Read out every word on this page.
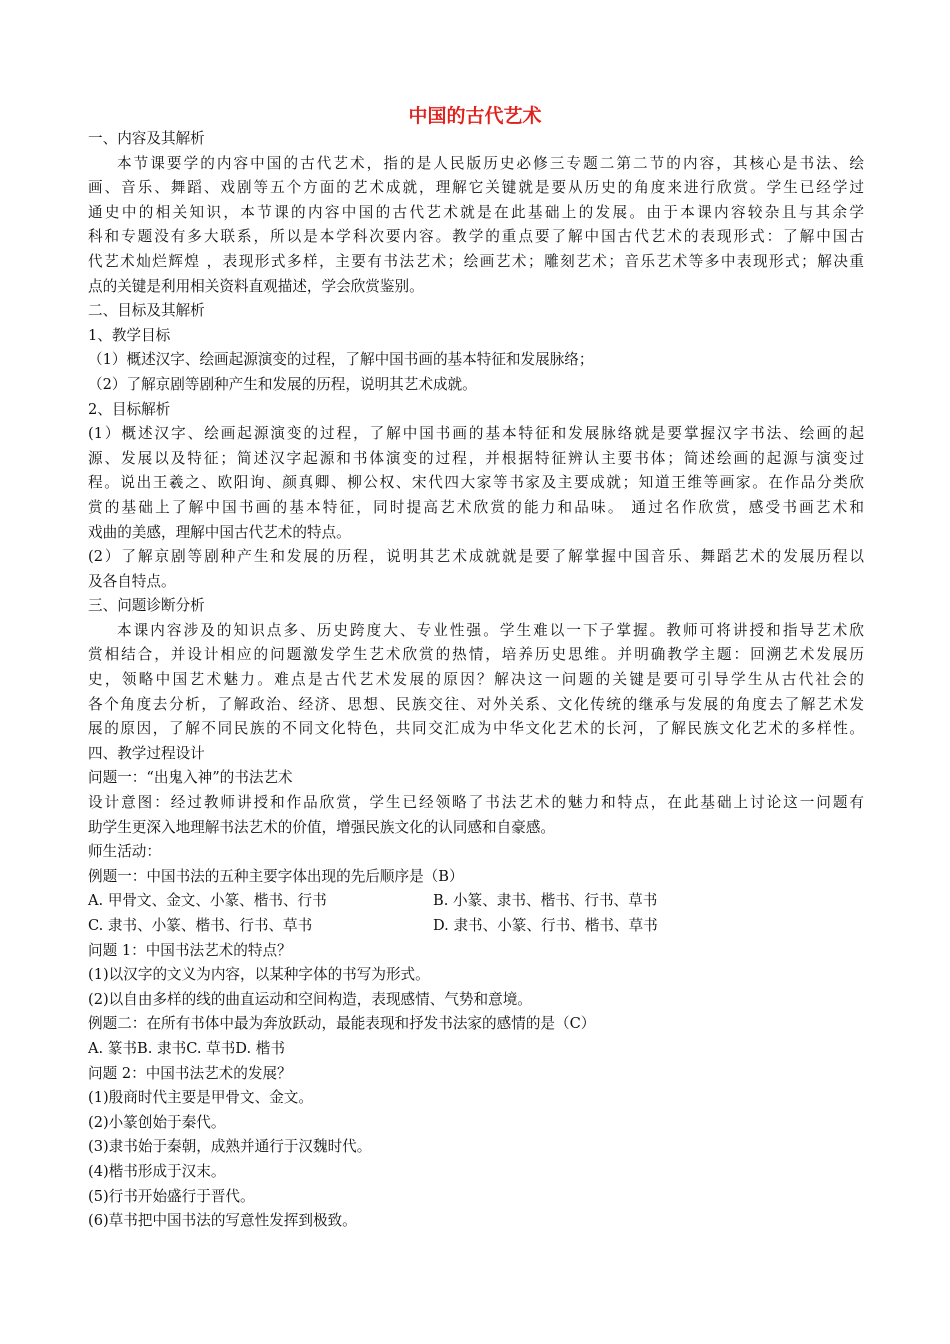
中国的古代艺术
一、内容及其解析
本节课要学的内容中国的古代艺术，指的是人民版历史必修三专题二第二节的内容，其核心是书法、绘
画、音乐、舞蹈、戏剧等五个方面的艺术成就，理解它关键就是要从历史的角度来进行欣赏。学生已经学过
通史中的相关知识，本节课的内容中国的古代艺术就是在此基础上的发展。由于本课内容较杂且与其余学
科和专题没有多大联系，所以是本学科次要内容。教学的重点要了解中国古代艺术的表现形式：了解中国古
代艺术灿烂辉煌 ，表现形式多样，主要有书法艺术；绘画艺术；雕刻艺术；音乐艺术等多中表现形式；解决重
点的关键是利用相关资料直观描述，学会欣赏鉴别。
二、目标及其解析
1、教学目标
（1）概述汉字、绘画起源演变的过程，了解中国书画的基本特征和发展脉络；
（2）了解京剧等剧种产生和发展的历程，说明其艺术成就。
2、目标解析
(1）概述汉字、绘画起源演变的过程，了解中国书画的基本特征和发展脉络就是要掌握汉字书法、绘画的起
源、发展以及特征；简述汉字起源和书体演变的过程，并根据特征辨认主要书体；简述绘画的起源与演变过
程。说出王羲之、欧阳询、颜真卿、柳公权、宋代四大家等书家及主要成就；知道王维等画家。在作品分类欣
赏的基础上了解中国书画的基本特征，同时提高艺术欣赏的能力和品味。 通过名作欣赏，感受书画艺术和
戏曲的美感，理解中国古代艺术的特点。
(2）了解京剧等剧种产生和发展的历程，说明其艺术成就就是要了解掌握中国音乐、舞蹈艺术的发展历程以
及各自特点。
三、问题诊断分析
本课内容涉及的知识点多、历史跨度大、专业性强。学生难以一下子掌握。教师可将讲授和指导艺术欣
赏相结合，并设计相应的问题激发学生艺术欣赏的热情，培养历史思维。并明确教学主题：回溯艺术发展历
史，领略中国艺术魅力。难点是古代艺术发展的原因？解决这一问题的关键是要可引导学生从古代社会的
各个角度去分析，了解政治、经济、思想、民族交往、对外关系、文化传统的继承与发展的角度去了解艺术发
展的原因，了解不同民族的不同文化特色，共同交汇成为中华文化艺术的长河，了解民族文化艺术的多样性。
四、教学过程设计
问题一：“出鬼入神”的书法艺术
设计意图：经过教师讲授和作品欣赏，学生已经领略了书法艺术的魅力和特点，在此基础上讨论这一问题有
助学生更深入地理解书法艺术的价值，增强民族文化的认同感和自豪感。
师生活动：
例题一：中国书法的五种主要字体出现的先后顺序是（B）
A. 甲骨文、金文、小篆、楷书、行书	B. 小篆、隶书、楷书、行书、草书
C. 隶书、小篆、楷书、行书、草书	D. 隶书、小篆、行书、楷书、草书
问题 1：中国书法艺术的特点？
(1)以汉字的文义为内容，以某种字体的书写为形式。
(2)以自由多样的线的曲直运动和空间构造，表现感情、气势和意境。
例题二：在所有书体中最为奔放跃动，最能表现和抒发书法家的感情的是（C）
A. 篆书B. 隶书C. 草书D. 楷书
问题 2：中国书法艺术的发展？
(1)殷商时代主要是甲骨文、金文。
(2)小篆创始于秦代。
(3)隶书始于秦朝，成熟并通行于汉魏时代。
(4)楷书形成于汉末。
(5)行书开始盛行于晋代。
(6)草书把中国书法的写意性发挥到极致。
